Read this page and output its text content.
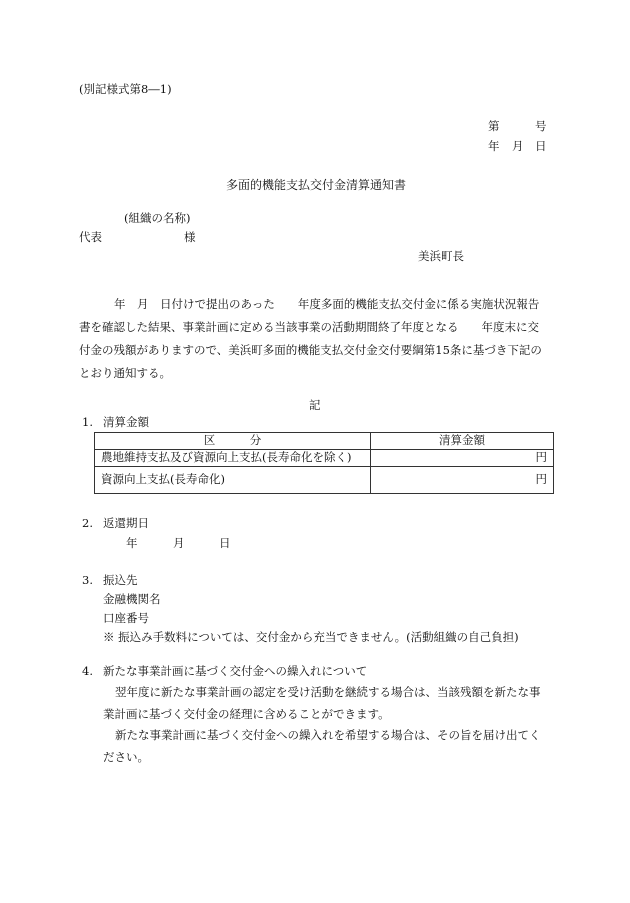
(別記様式第8―1)
第	号
年 月 日
多面的機能支払交付金清算通知書
(組織の名称)
代表	様
美浜町長
年　月　日付けで提出のあった　　年度多面的機能支払交付金に係る実施状況報告
書を確認した結果、事業計画に定める当該事業の活動期間終了年度となる　　年度末に交
付金の残額がありますので、美浜町多面的機能支払交付金交付要綱第15条に基づき下記の
とおり通知する。
記
1. 清算金額
区　　　分	清算金額
農地維持支払及び資源向上支払(長寿命化を除く)	円
資源向上支払(長寿命化)	円
2. 返還期日
年	月	日
3. 振込先
金融機関名
口座番号
※ 振込み手数料については、交付金から充当できません。(活動組織の自己負担)
4. 新たな事業計画に基づく交付金への繰入れについて
翌年度に新たな事業計画の認定を受け活動を継続する場合は、当該残額を新たな事
業計画に基づく交付金の経理に含めることができます。
新たな事業計画に基づく交付金への繰入れを希望する場合は、その旨を届け出てく
ださい。
